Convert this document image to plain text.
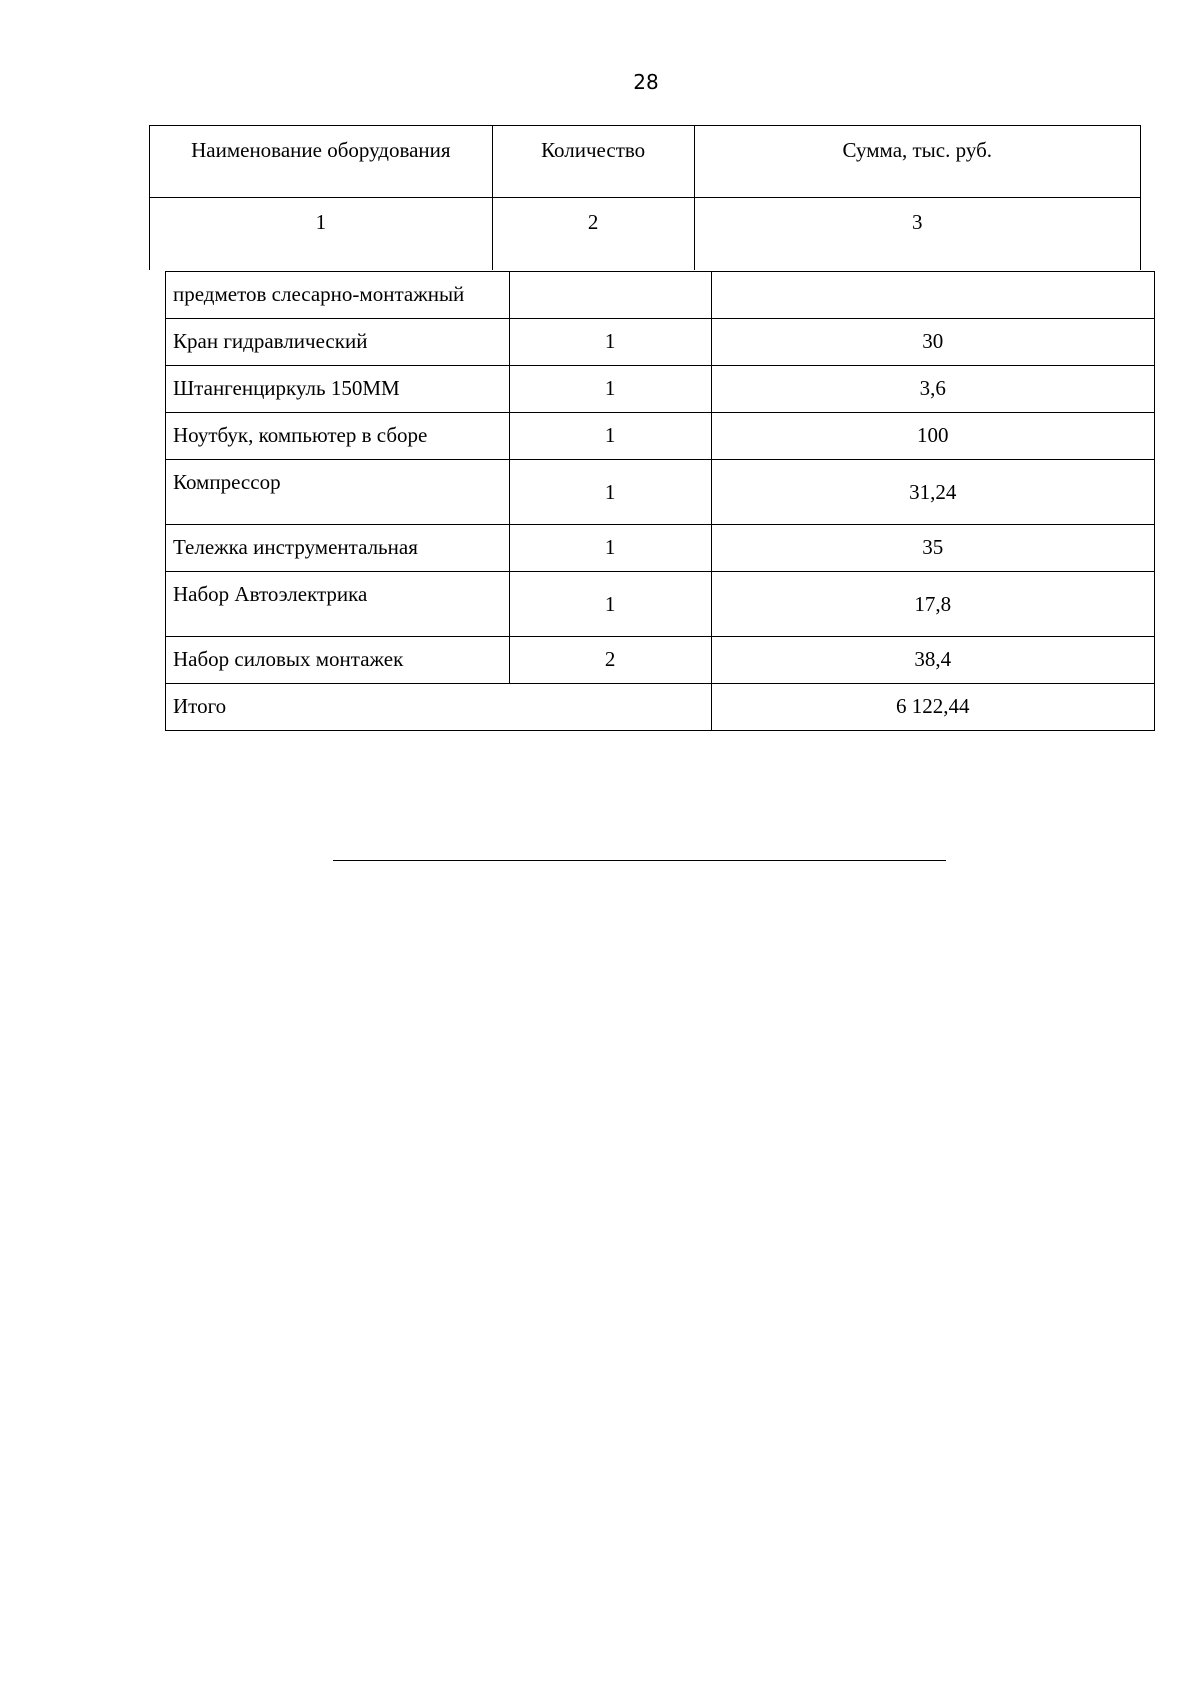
28
Наименование оборудования	Количество	Сумма, тыс. руб.
1	2	3
предметов слесарно-монтажный		
Кран гидравлический	1	30
Штангенциркуль 150ММ	1	3,6
Ноутбук, компьютер в сборе	1	100
Компрессор	1	31,24
Тележка инструментальная	1	35
Набор Автоэлектрика	1	17,8
Набор силовых монтажек	2	38,4
Итого		6 122,44
